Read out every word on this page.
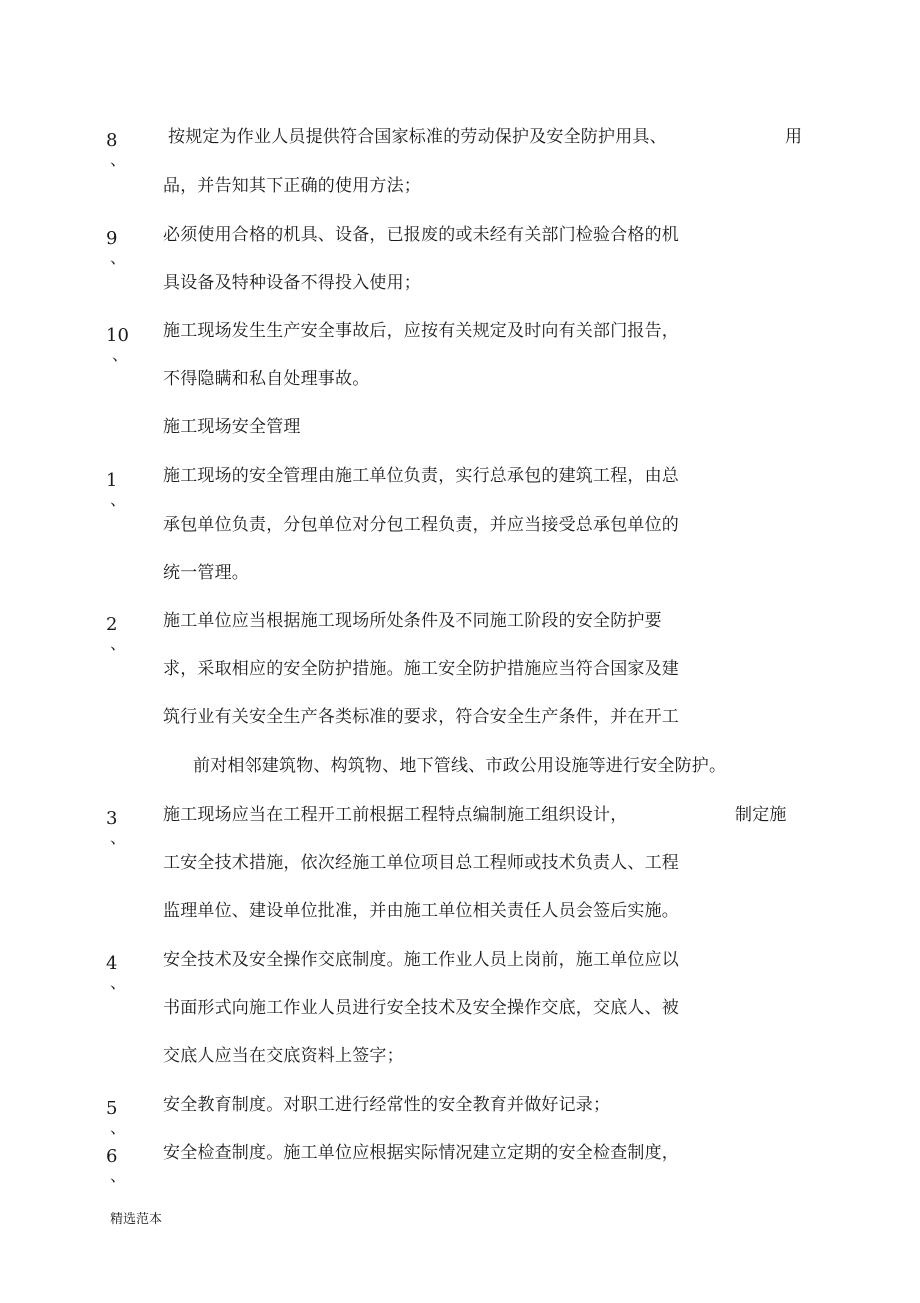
8
、
按规定为作业人员提供符合国家标准的劳动保护及安全防护用具、	用
品，并告知其下正确的使用方法；
9
、
必须使用合格的机具、设备，已报废的或未经有关部门检验合格的机
具设备及特种设备不得投入使用；
10
、
施工现场发生生产安全事故后，应按有关规定及时向有关部门报告，
不得隐瞒和私自处理事故。
施工现场安全管理
1
、
施工现场的安全管理由施工单位负责，实行总承包的建筑工程，由总
承包单位负责，分包单位对分包工程负责，并应当接受总承包单位的
统一管理。
2
、
施工单位应当根据施工现场所处条件及不同施工阶段的安全防护要
求，采取相应的安全防护措施。施工安全防护措施应当符合国家及建
筑行业有关安全生产各类标准的要求，符合安全生产条件，并在开工
前对相邻建筑物、构筑物、地下管线、市政公用设施等进行安全防护。
3
、
施工现场应当在工程开工前根据工程特点编制施工组织设计，	制定施
工安全技术措施，依次经施工单位项目总工程师或技术负责人、工程
监理单位、建设单位批准，并由施工单位相关责任人员会签后实施。
4
、
安全技术及安全操作交底制度。施工作业人员上岗前，施工单位应以
书面形式向施工作业人员进行安全技术及安全操作交底，交底人、被
交底人应当在交底资料上签字；
5
、
安全教育制度。对职工进行经常性的安全教育并做好记录；
6
、
安全检查制度。施工单位应根据实际情况建立定期的安全检查制度，
精选范本
